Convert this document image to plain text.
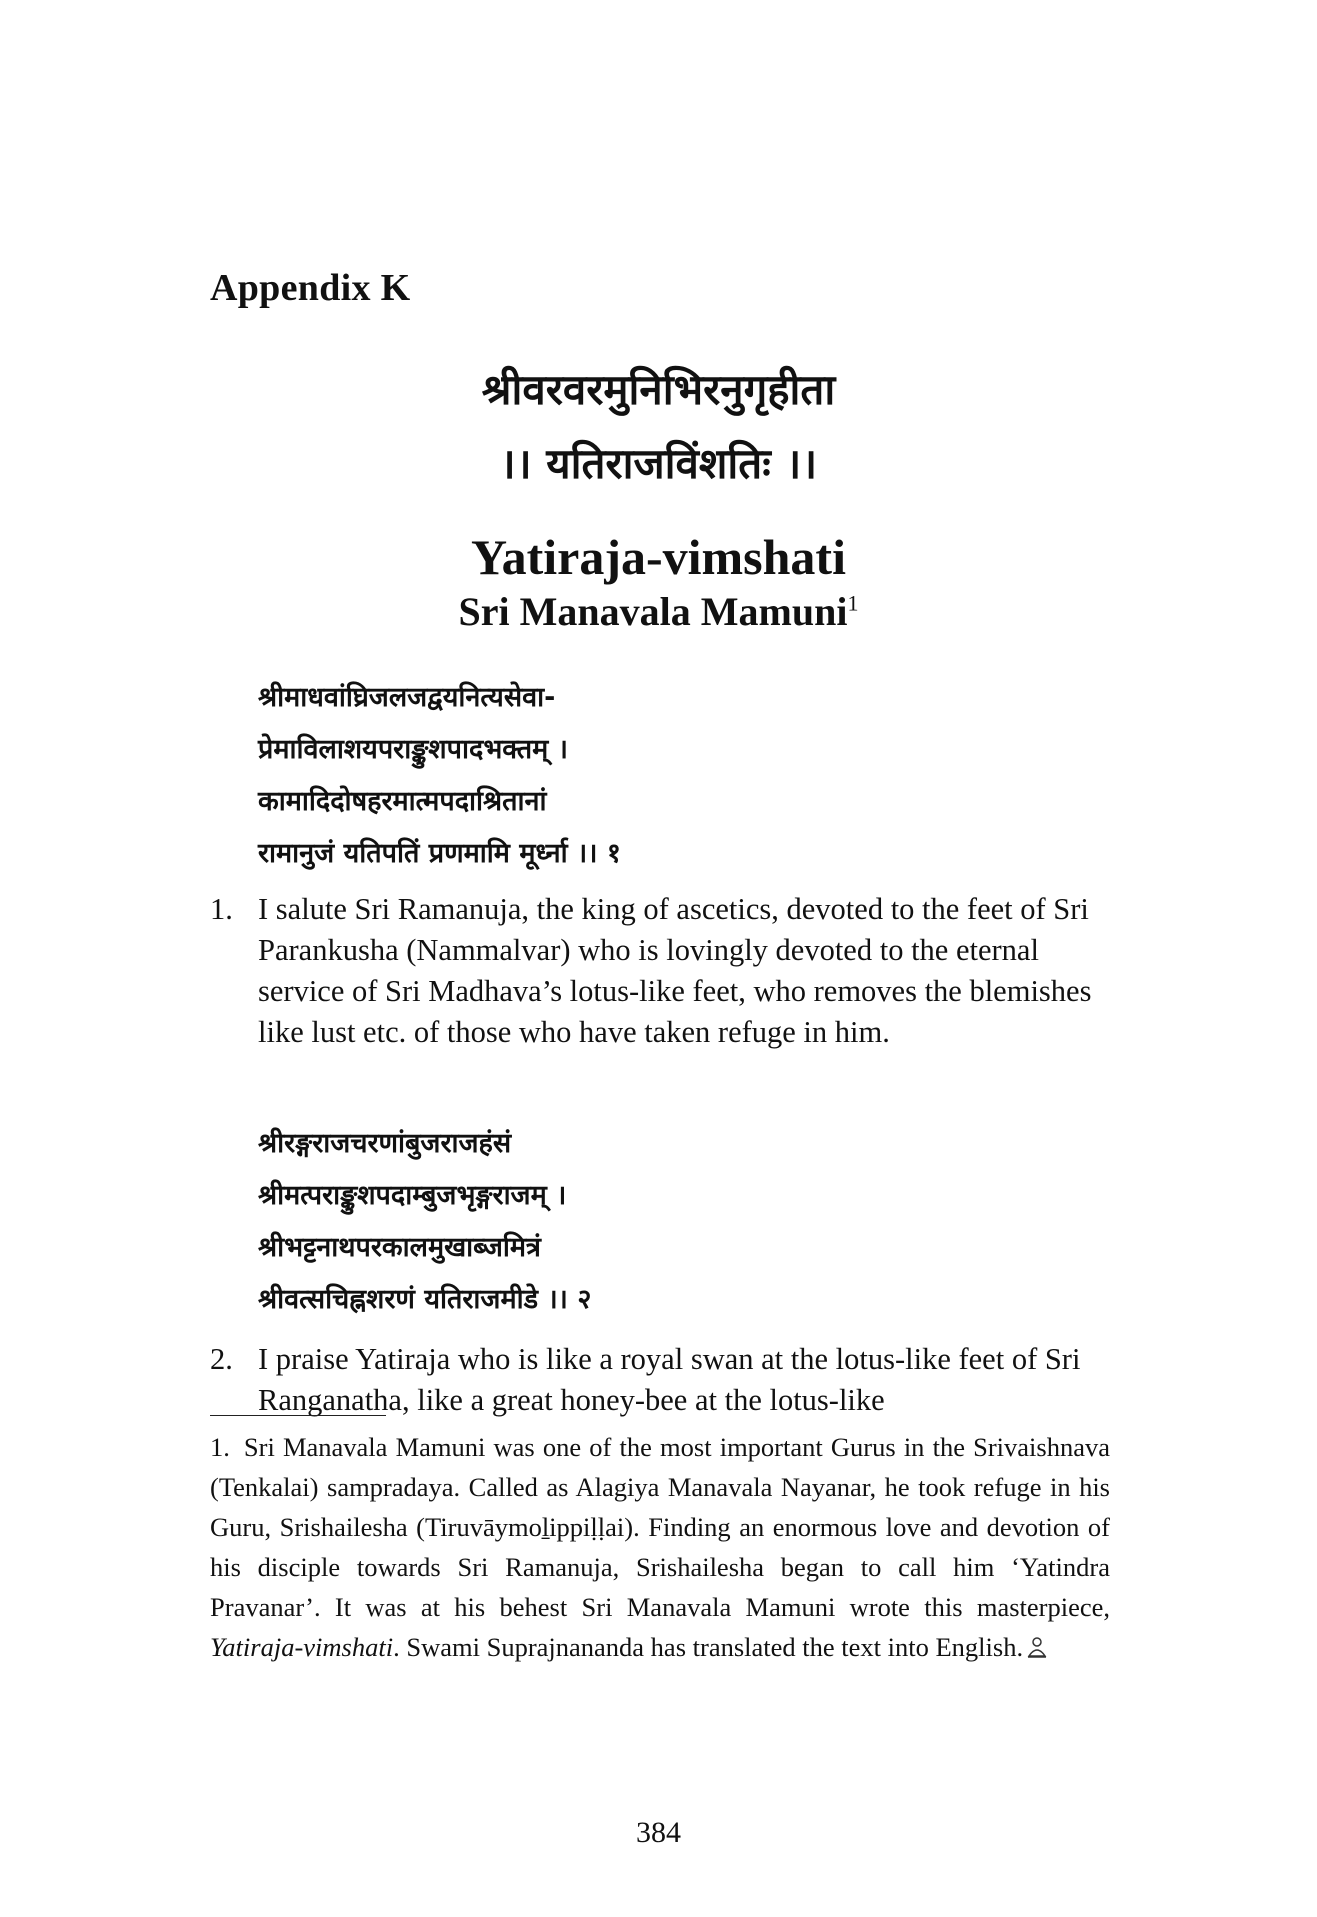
Appendix K
श्रीवरवरमुनिभिरनुगृहीता
।। यतिराजविंशतिः ।।
Yatiraja-vimshati
Sri Manavala Mamuni$^1$
श्रीमाधवांघ्रिजलजद्वयनित्यसेवा-
प्रेमाविलाशयपराङ्कुशपादभक्तम् ।
कामादिदोषहरमात्मपदाश्रितानां
रामानुजं यतिपतिं प्रणमामि मूर्ध्ना ।। १
1. I salute Sri Ramanuja, the king of ascetics, devoted to the feet of Sri Parankusha (Nammalvar) who is lovingly devoted to the eternal service of Sri Madhava’s lotus-like feet, who removes the blemishes like lust etc. of those who have taken refuge in him.
श्रीरङ्गराजचरणांबुजराजहंसं
श्रीमत्पराङ्कुशपदाम्बुजभृङ्गराजम् ।
श्रीभट्टनाथपरकालमुखाब्जमित्रं
श्रीवत्सचिह्नशरणं यतिराजमीडे ।। २
2. I praise Yatiraja who is like a royal swan at the lotus-like feet of Sri Ranganatha, like a great honey-bee at the lotus-like
1. Sri Manavala Mamuni was one of the most important Gurus in the Srivaishnava (Tenkalai) sampradaya. Called as Alagiya Manavala Nayanar, he took refuge in his Guru, Srishailesha (Tiruvāymoḻippiḷḷai). Finding an enormous love and devotion of his disciple towards Sri Ramanuja, Srishailesha began to call him ‘Yatindra Pravanar’. It was at his behest Sri Manavala Mamuni wrote this masterpiece, Yatiraja-vimshati. Swami Suprajnananda has translated the text into English.
384
